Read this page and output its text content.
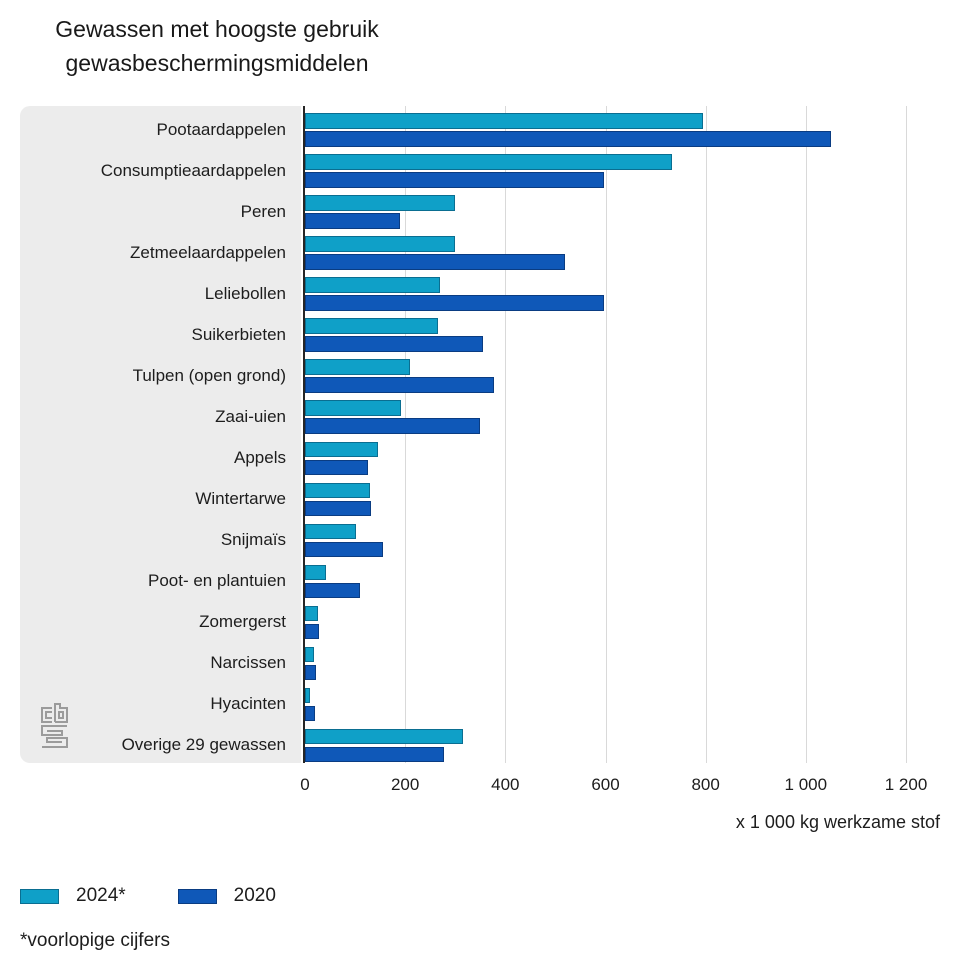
Gewassen met hoogste gebruik
gewasbeschermingsmiddelen
Pootaardappelen
Consumptieaardappelen
Peren
Zetmeelaardappelen
Leliebollen
Suikerbieten
Tulpen (open grond)
Zaai-uien
Appels
Wintertarwe
Snijmaïs
Poot- en plantuien
Zomergerst
Narcissen
Hyacinten
Overige 29 gewassen
0	200	400	600	800	1 000	1 200
x 1 000 kg werkzame stof
2024*	2020
*voorlopige cijfers
